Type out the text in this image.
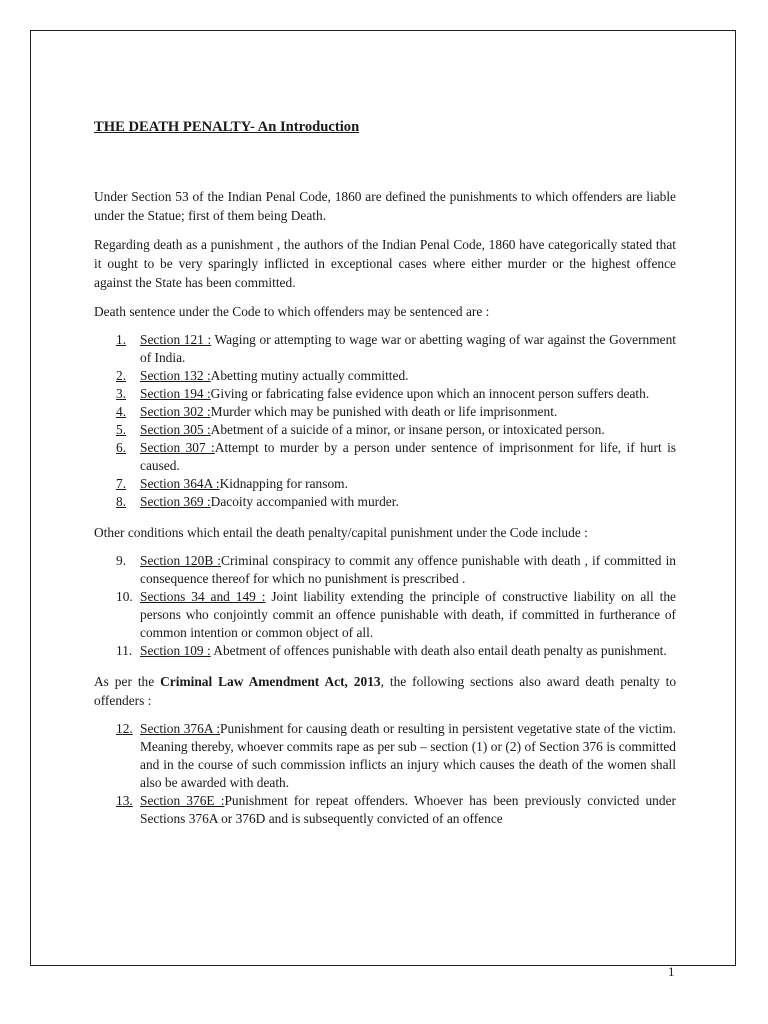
THE DEATH PENALTY- An Introduction

Under Section 53 of the Indian Penal Code, 1860 are defined the punishments to which offenders are liable under the Statue; first of them being Death.

Regarding death as a punishment , the authors of the Indian Penal Code, 1860 have categorically stated that it ought to be very sparingly inflicted in exceptional cases where either murder or the highest offence against the State has been committed.

Death sentence under the Code to which offenders may be sentenced are :

1.	Section 121 : Waging or attempting to wage war or abetting waging of war against the Government of India.
2.	Section 132 :Abetting mutiny actually committed.
3.	Section 194 :Giving or fabricating false evidence upon which an innocent person suffers death.
4.	Section 302 :Murder which may be punished with death or life imprisonment.
5.	Section 305 :Abetment of a suicide of a minor, or insane person, or intoxicated person.
6.	Section 307 :Attempt to murder by a person under sentence of imprisonment for life, if hurt is caused.
7.	Section 364A :Kidnapping for ransom.
8.	Section 369 :Dacoity accompanied with murder.

Other conditions which entail the death penalty/capital punishment under the Code include :

9.	Section 120B :Criminal conspiracy to commit any offence punishable with death , if committed in consequence thereof for which no punishment is prescribed .
10. Sections 34 and 149 : Joint liability extending the principle of constructive liability on all the persons who conjointly commit an offence punishable with death, if committed in furtherance of common intention or common object of all.
11. Section 109 : Abetment of offences punishable with death also entail death penalty as punishment.

As per the Criminal Law Amendment Act, 2013, the following sections also award death penalty to offenders :

12. Section 376A :Punishment for causing death or resulting in persistent vegetative state of the victim. Meaning thereby, whoever commits rape as per sub – section (1) or (2) of Section 376 is committed and in the course of such commission inflicts an injury which causes the death of the women shall also be awarded with death.
13. Section 376E :Punishment for repeat offenders. Whoever has been previously convicted under Sections 376A or 376D and is subsequently convicted of an offence
1
